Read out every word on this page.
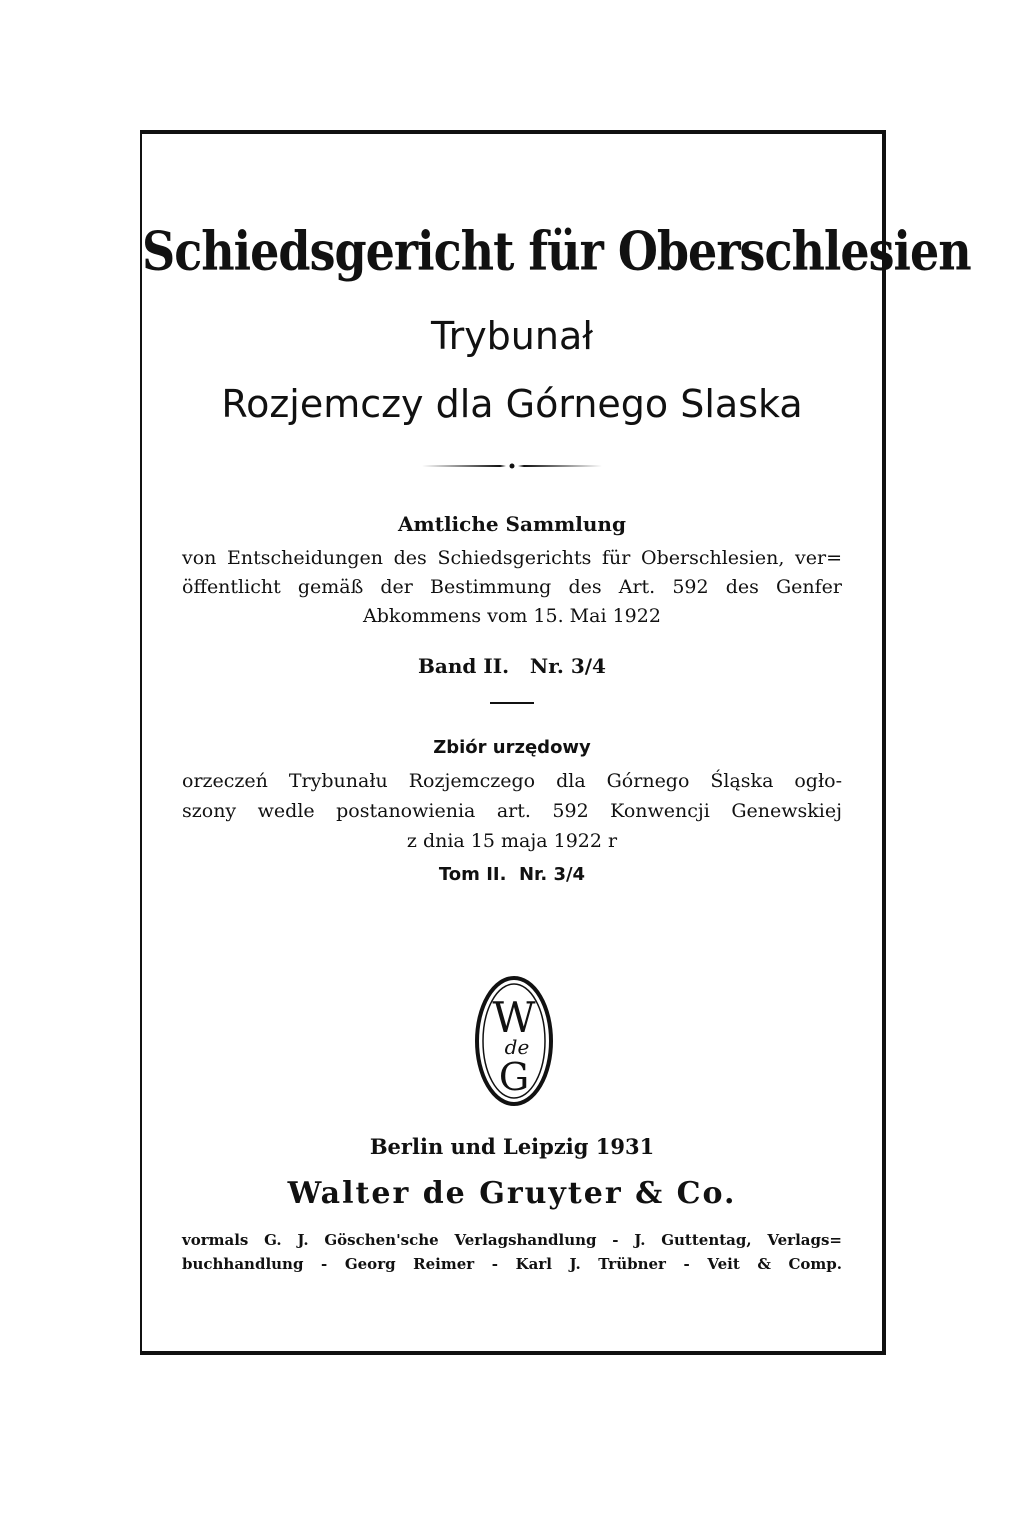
Schiedsgericht für Oberschlesien
Trybunał
Rozjemczy dla Górnego Slaska
Amtliche Sammlung
von Entscheidungen des Schiedsgerichts für Oberschlesien, ver=
öffentlicht gemäß der Bestimmung des Art. 592 des Genfer
Abkommens vom 15. Mai 1922
Band II.   Nr. 3/4
Zbiór urzędowy
orzeczeń Trybunału Rozjemczego dla Górnego Śląska ogło-
szony wedle postanowienia art. 592 Konwencji Genewskiej
z dnia 15 maja 1922 r
Tom II.  Nr. 3/4
W
de
G
Berlin und Leipzig 1931
Walter de Gruyter & Co.
vormals G. J. Göschen'sche Verlagshandlung - J. Guttentag, Verlags=
buchhandlung - Georg Reimer - Karl J. Trübner - Veit & Comp.
